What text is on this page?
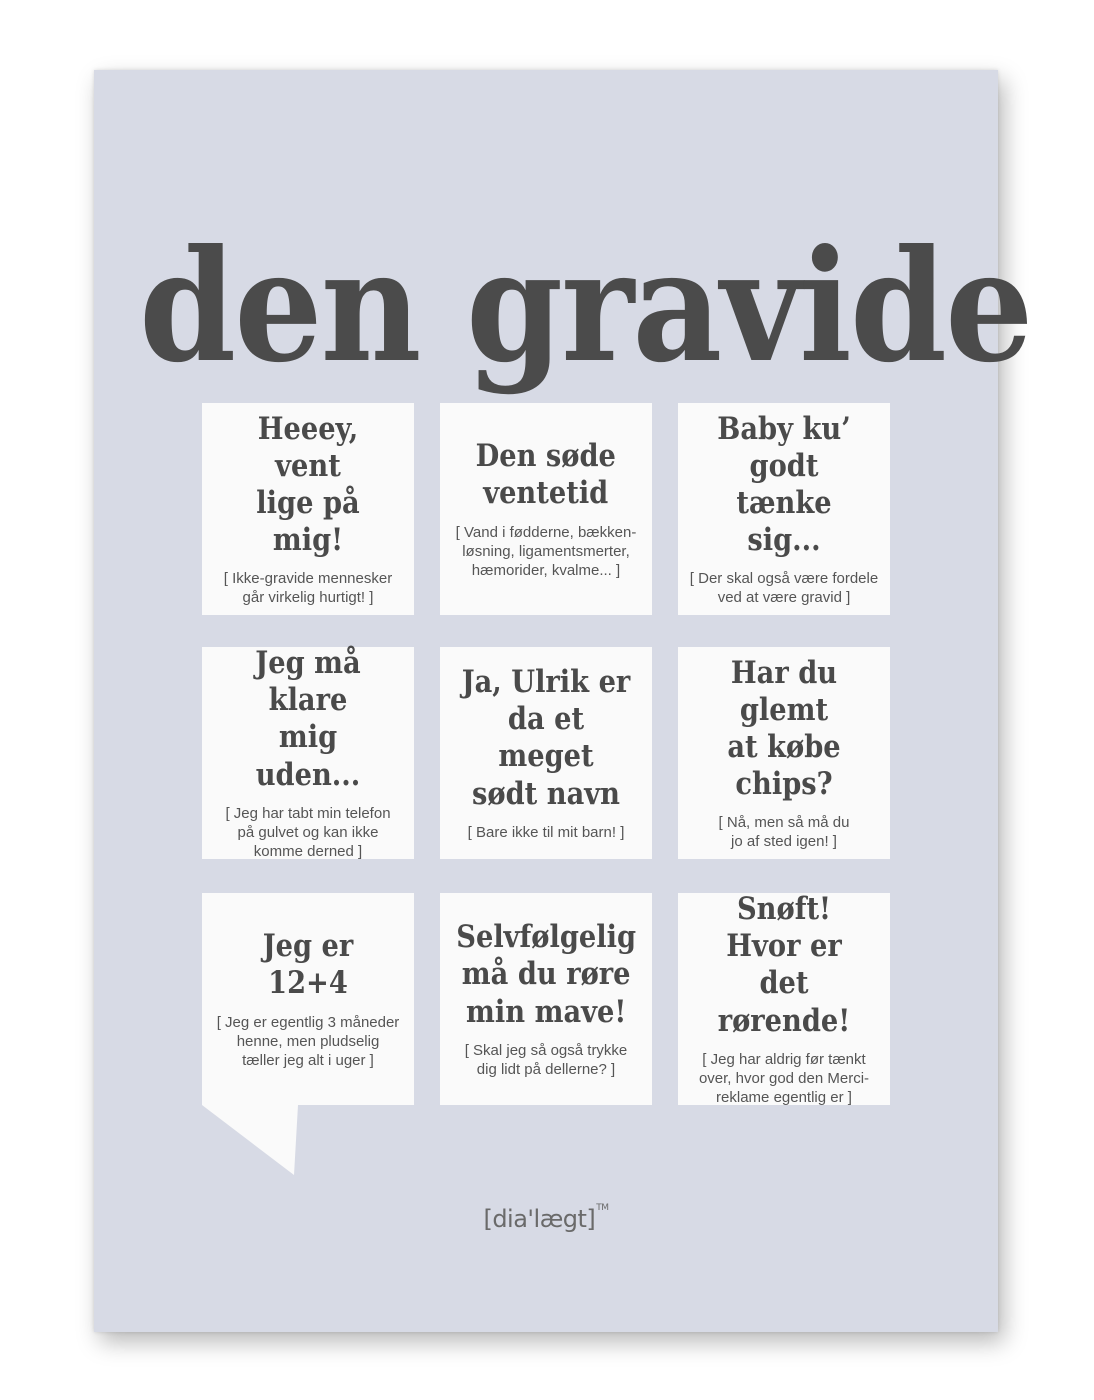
den gravide
Heeey, vent
lige på mig!
[ Ikke-gravide mennesker
går virkelig hurtigt! ]
Den søde
ventetid
[ Vand i fødderne, bækken-
løsning, ligamentsmerter,
hæmorider, kvalme... ]
Baby ku’ godt
tænke sig...
[ Der skal også være fordele
ved at være gravid ]
Jeg må klare
mig uden...
[ Jeg har tabt min telefon
på gulvet og kan ikke
komme derned ]
Ja, Ulrik er
da et meget
sødt navn
[ Bare ikke til mit barn! ]
Har du glemt
at købe chips?
[ Nå, men så må du
jo af sted igen! ]
Jeg er 12+4
[ Jeg er egentlig 3 måneder
henne, men pludselig
tæller jeg alt i uger ]
Selvfølgelig
må du røre
min mave!
[ Skal jeg så også trykke
dig lidt på dellerne? ]
Snøft!
Hvor er det
rørende!
[ Jeg har aldrig før tænkt
over, hvor god den Merci-
reklame egentlig er ]
[dia'lægt]™
